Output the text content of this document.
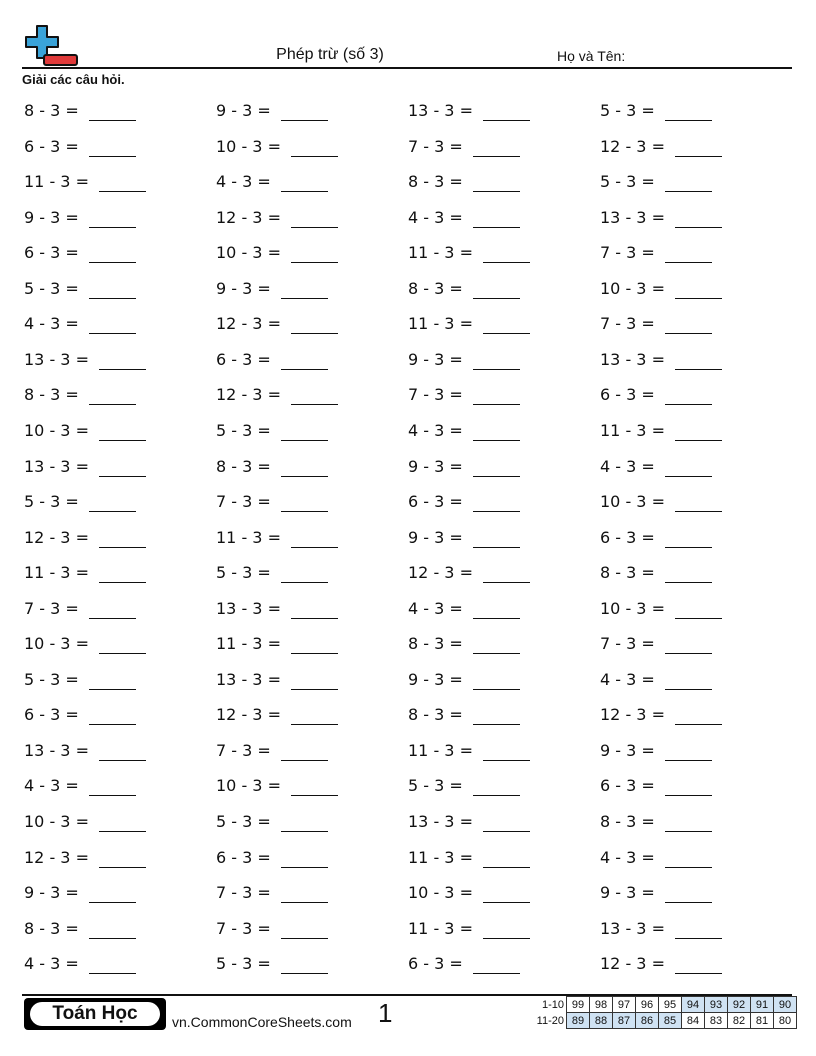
Phép trừ (số 3)	Họ và Tên:
Giải các câu hỏi.
8 - 3 =
6 - 3 =
11 - 3 =
9 - 3 =
6 - 3 =
5 - 3 =
4 - 3 =
13 - 3 =
8 - 3 =
10 - 3 =
13 - 3 =
5 - 3 =
12 - 3 =
11 - 3 =
7 - 3 =
10 - 3 =
5 - 3 =
6 - 3 =
13 - 3 =
4 - 3 =
10 - 3 =
12 - 3 =
9 - 3 =
8 - 3 =
4 - 3 =
9 - 3 =
10 - 3 =
4 - 3 =
12 - 3 =
10 - 3 =
9 - 3 =
12 - 3 =
6 - 3 =
12 - 3 =
5 - 3 =
8 - 3 =
7 - 3 =
11 - 3 =
5 - 3 =
13 - 3 =
11 - 3 =
13 - 3 =
12 - 3 =
7 - 3 =
10 - 3 =
5 - 3 =
6 - 3 =
7 - 3 =
7 - 3 =
5 - 3 =
13 - 3 =
7 - 3 =
8 - 3 =
4 - 3 =
11 - 3 =
8 - 3 =
11 - 3 =
9 - 3 =
7 - 3 =
4 - 3 =
9 - 3 =
6 - 3 =
9 - 3 =
12 - 3 =
4 - 3 =
8 - 3 =
9 - 3 =
8 - 3 =
11 - 3 =
5 - 3 =
13 - 3 =
11 - 3 =
10 - 3 =
11 - 3 =
6 - 3 =
5 - 3 =
12 - 3 =
5 - 3 =
13 - 3 =
7 - 3 =
10 - 3 =
7 - 3 =
13 - 3 =
6 - 3 =
11 - 3 =
4 - 3 =
10 - 3 =
6 - 3 =
8 - 3 =
10 - 3 =
7 - 3 =
4 - 3 =
12 - 3 =
9 - 3 =
6 - 3 =
8 - 3 =
4 - 3 =
9 - 3 =
13 - 3 =
12 - 3 =
Toán Học	vn.CommonCoreSheets.com 1	1-10	99	98	97	96	95	94	93	92	91	90
11-20	89	88	87	86	85	84	83	82	81	80
